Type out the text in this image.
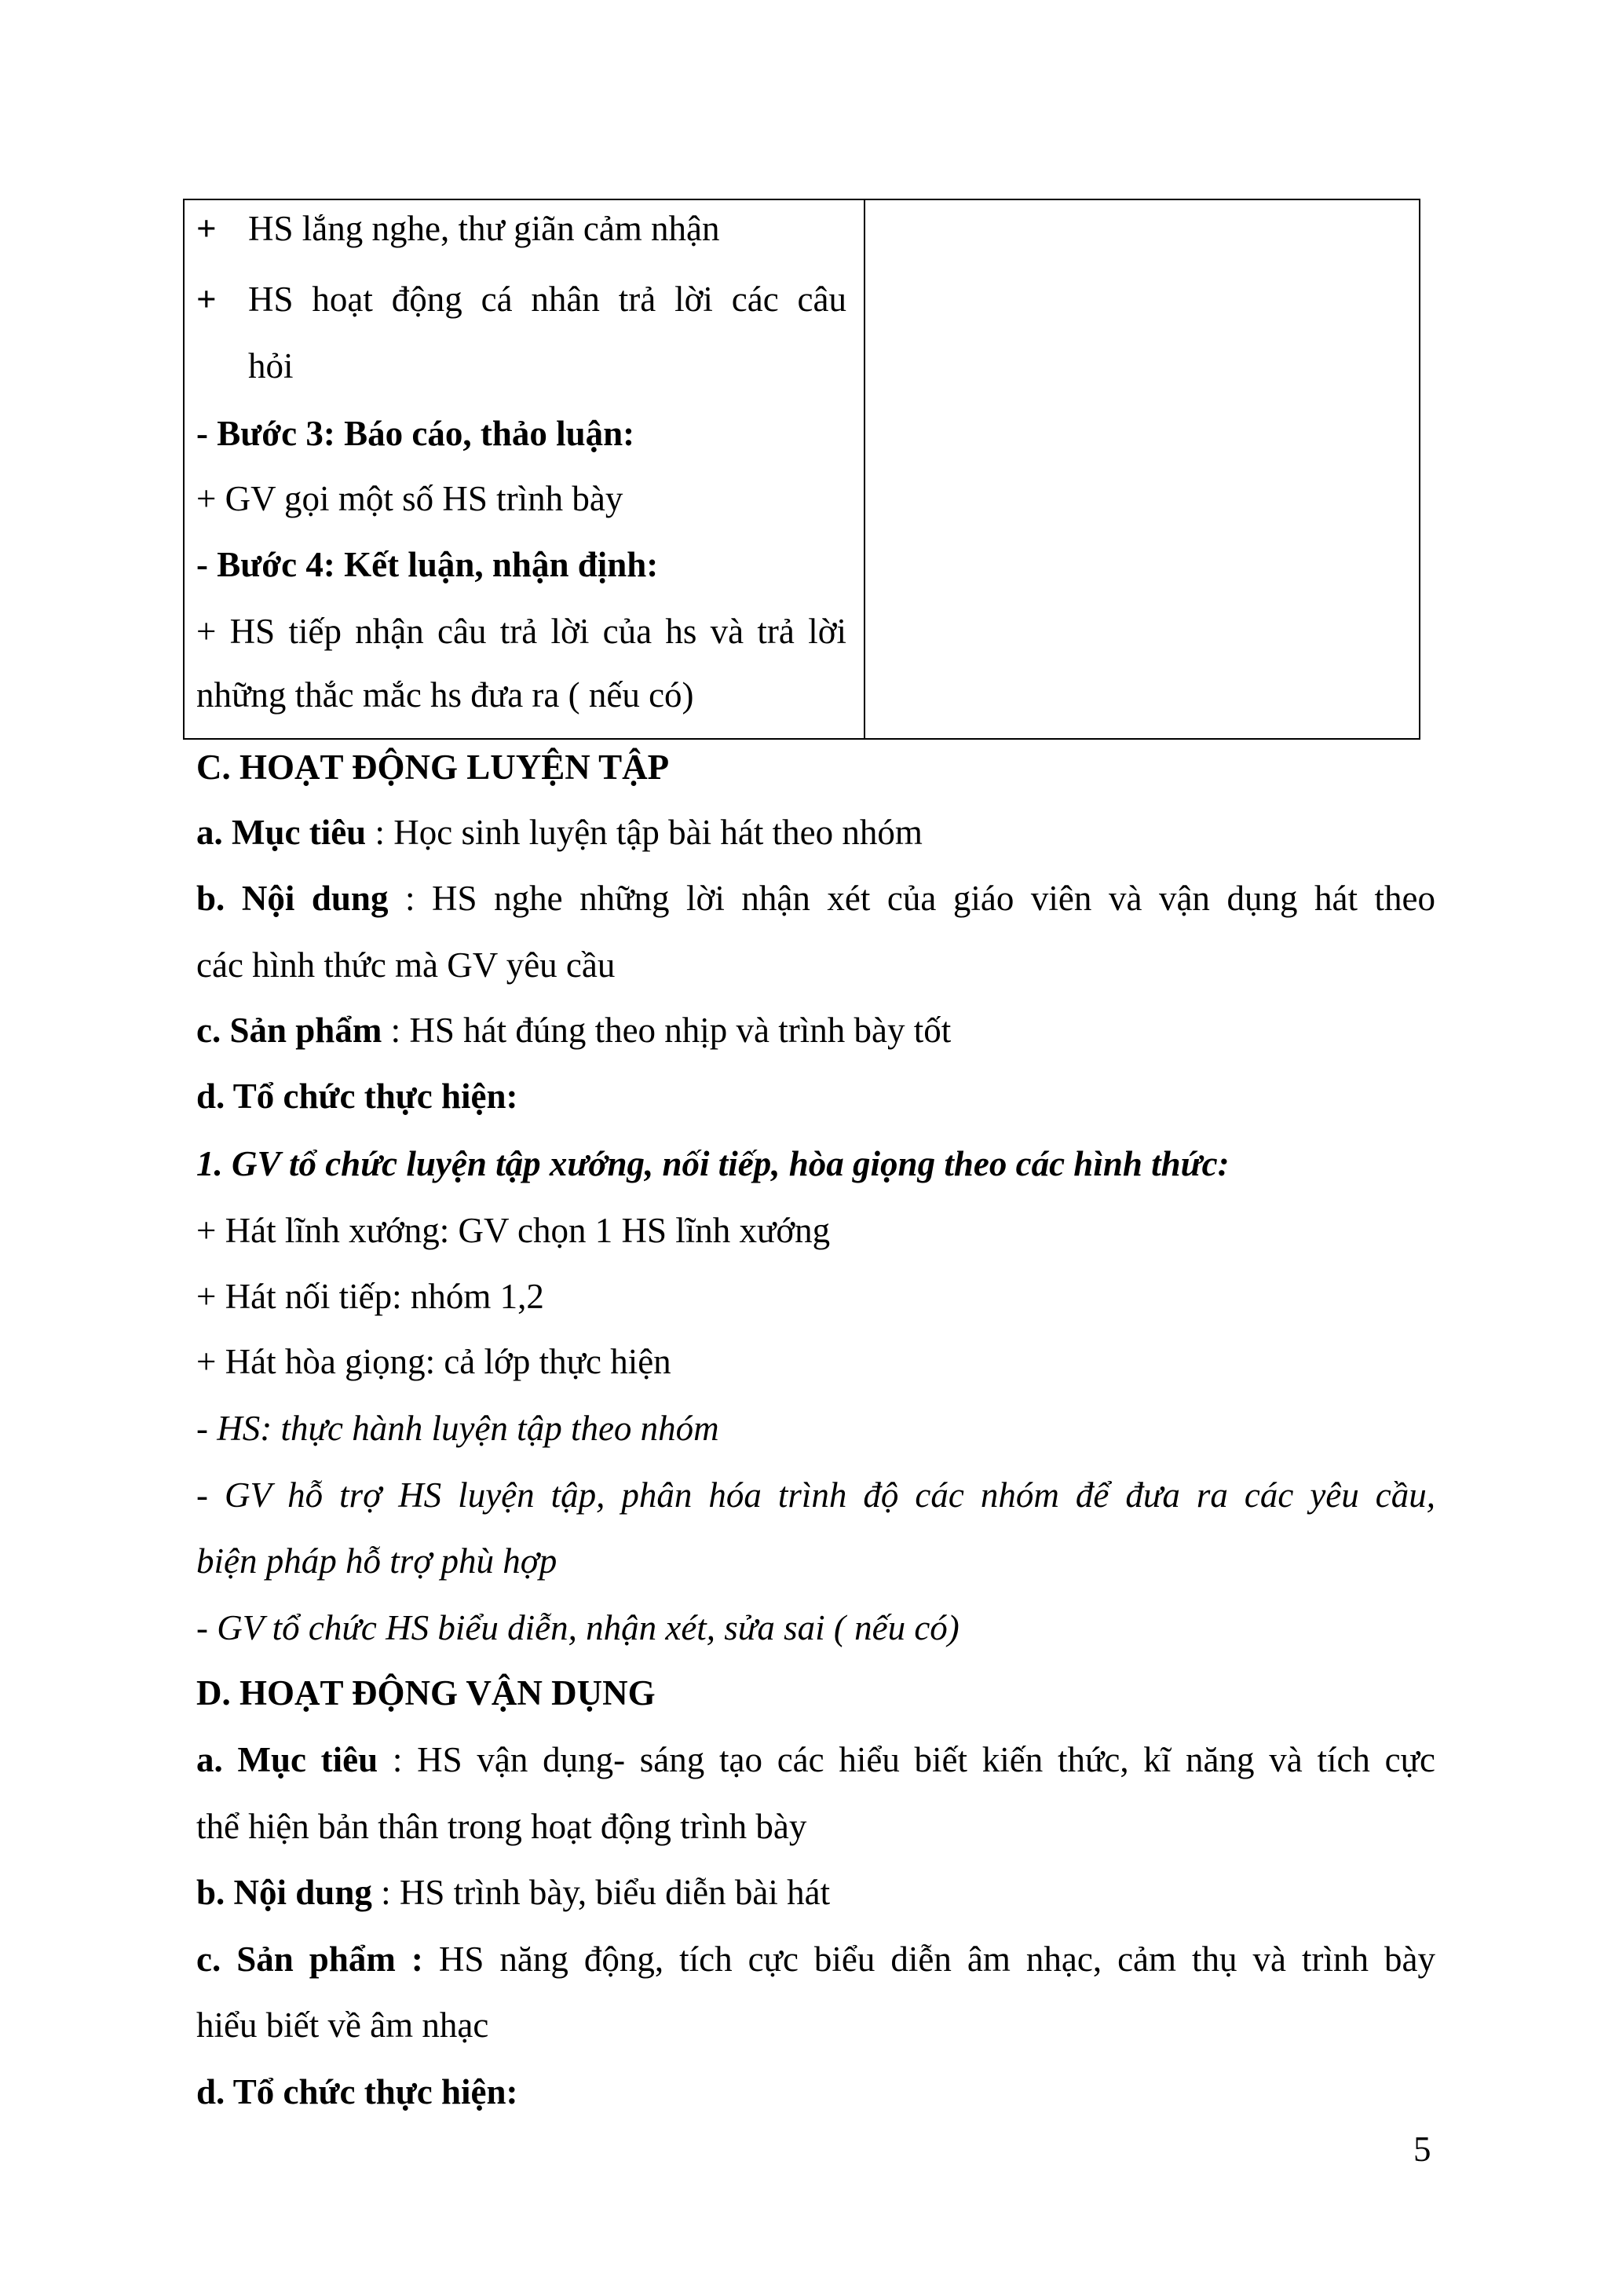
+ HS lắng nghe, thư giãn cảm nhận
+ HS hoạt động cá nhân trả lời các câu
hỏi
- Bước 3: Báo cáo, thảo luận:
+ GV gọi một số HS trình bày
- Bước 4: Kết luận, nhận định:
+ HS tiếp nhận câu trả lời của hs và trả lời
những thắc mắc hs đưa ra ( nếu có)
C. HOẠT ĐỘNG LUYỆN TẬP
a. Mục tiêu : Học sinh luyện tập bài hát theo nhóm
b. Nội dung : HS nghe những lời nhận xét của giáo viên và vận dụng hát theo
các hình thức mà GV yêu cầu
c. Sản phẩm : HS hát đúng theo nhịp và trình bày tốt
d. Tổ chức thực hiện:
1. GV tổ chức luyện tập xướng, nối tiếp, hòa giọng theo các hình thức:
+ Hát lĩnh xướng: GV chọn 1 HS lĩnh xướng
+ Hát nối tiếp: nhóm 1,2
+ Hát hòa giọng: cả lớp thực hiện
- HS: thực hành luyện tập theo nhóm
- GV hỗ trợ HS luyện tập, phân hóa trình độ các nhóm để đưa ra các yêu cầu,
biện pháp hỗ trợ phù hợp
- GV tổ chức HS biểu diễn, nhận xét, sửa sai ( nếu có)
D. HOẠT ĐỘNG VẬN DỤNG
a. Mục tiêu : HS vận dụng- sáng tạo các hiểu biết kiến thức, kĩ năng và tích cực
thể hiện bản thân trong hoạt động trình bày
b. Nội dung : HS trình bày, biểu diễn bài hát
c. Sản phẩm : HS năng động, tích cực biểu diễn âm nhạc, cảm thụ và trình bày
hiểu biết về âm nhạc
d. Tổ chức thực hiện:
5
